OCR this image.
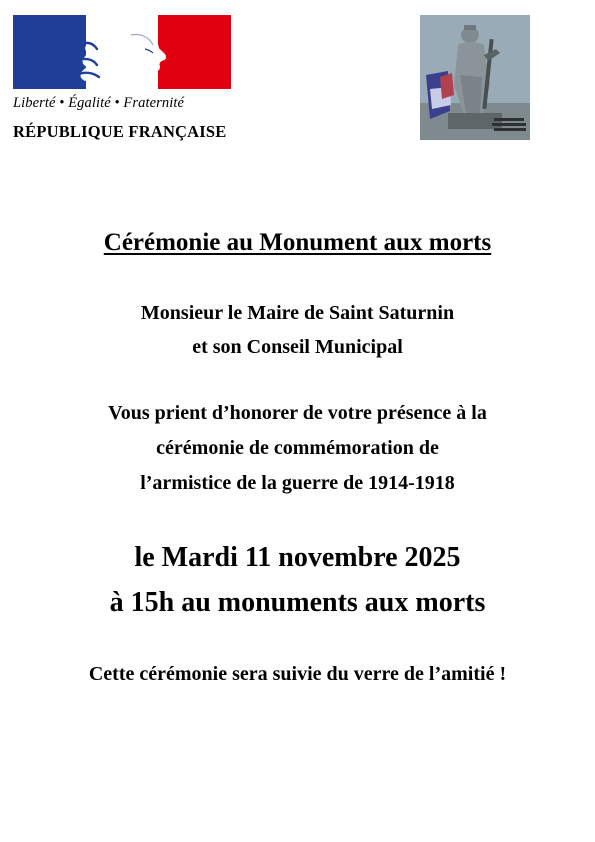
Liberté • Égalité • Fraternité
RÉPUBLIQUE FRANÇAISE
Cérémonie au Monument aux morts
Monsieur le Maire de Saint Saturnin
et son Conseil Municipal
Vous prient d’honorer de votre présence à la
cérémonie de commémoration de
l’armistice de la guerre de 1914-1918
le Mardi 11 novembre 2025
à 15h au monuments aux morts
Cette cérémonie sera suivie du verre de l’amitié !
